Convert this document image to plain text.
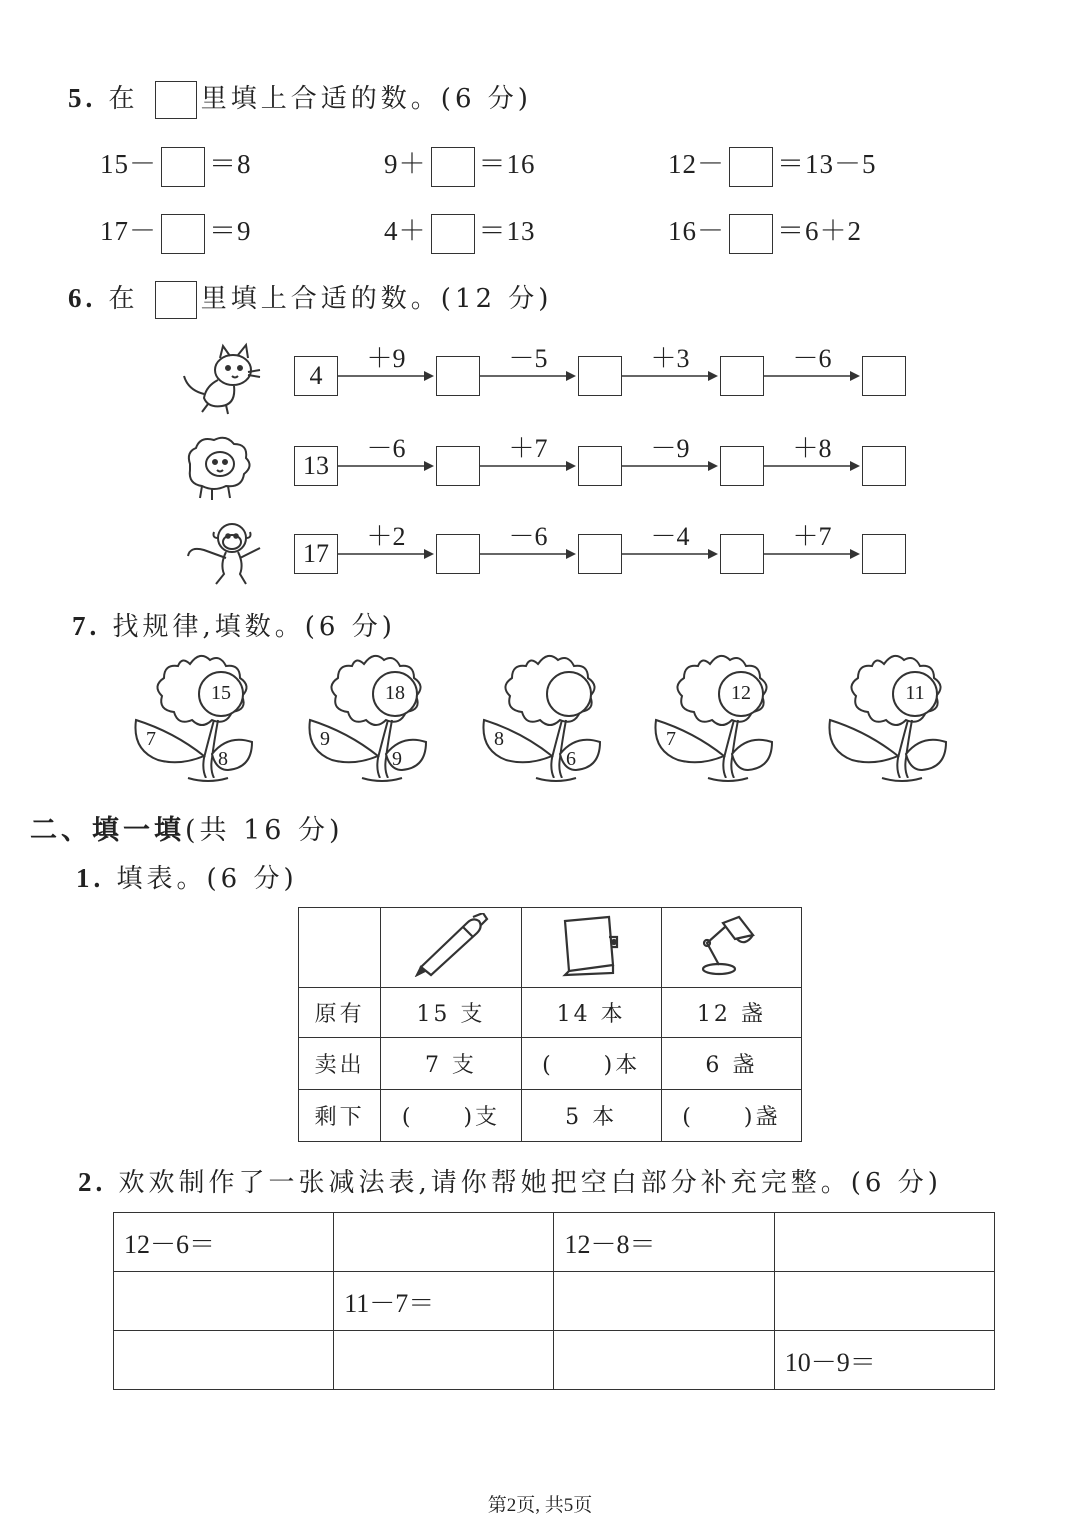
5. 在 里填上合适的数。(6 分)
15－ ＝8	9＋ ＝16	12－ ＝13－5
17－ ＝9	4＋ ＝13	16－ ＝6＋2
6. 在 里填上合适的数。(12 分)
4
＋9	－5	＋3	－6
13
－6	＋7	－9	＋8
17
＋2	－6	－4	＋7
7. 找规律,填数。(6 分)
15
7
8
18
9
9
8
6
12
7
11
二、填一填(共 16 分)
1. 填表。(6 分)

原有	15 支	14 本	12 盏
卖出	7 支	(　　)本	6 盏
剩下	(　　)支	5 本	(　　)盏
2. 欢欢制作了一张减法表,请你帮她把空白部分补充完整。(6 分)
12－6＝		12－8＝	
	11－7＝		
			10－9＝
第2页, 共5页
